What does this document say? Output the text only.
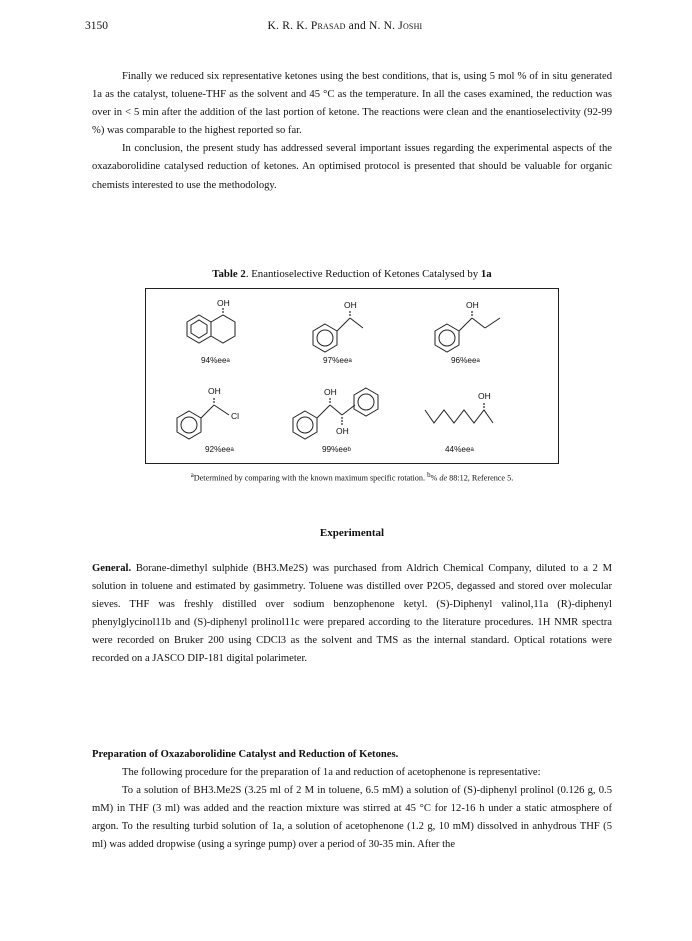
3150	K. R. K. Prasad and N. N. Joshi

Finally we reduced six representative ketones using the best conditions, that is, using 5 mol % of in situ generated 1a as the catalyst, toluene-THF as the solvent and 45 °C as the temperature. In all the cases examined, the reduction was over in < 5 min after the addition of the last portion of ketone. The reactions were clean and the enantioselectivity (92-99 %) was comparable to the highest reported so far.

In conclusion, the present study has addressed several important issues regarding the experimental aspects of the oxazaborolidine catalysed reduction of ketones. An optimised protocol is presented that should be valuable for organic chemists interested to use the methodology.

Table 2. Enantioselective Reduction of Ketones Catalysed by 1a
OH	OH	OH
OH
Cl
OH
OH
OH
94%eea	97%eea	96%eea
92%eea	99%eeb	44%eea
$^a$Determined by comparing with the known maximum specific rotation. $^b$% de 88:12, Reference 5.
Experimental

General. Borane-dimethyl sulphide (BH3.Me2S) was purchased from Aldrich Chemical Company, diluted to a 2 M solution in toluene and estimated by gasimmetry. Toluene was distilled over P2O5, degassed and stored over molecular sieves. THF was freshly distilled over sodium benzophenone ketyl. (S)-Diphenyl valinol,11a (R)-diphenyl phenylglycinol11b and (S)-diphenyl prolinol11c were prepared according to the literature procedures. 1H NMR spectra were recorded on Bruker 200 using CDCl3 as the solvent and TMS as the internal standard. Optical rotations were recorded on a JASCO DIP-181 digital polarimeter.

Preparation of Oxazaborolidine Catalyst and Reduction of Ketones.

The following procedure for the preparation of 1a and reduction of acetophenone is representative:

To a solution of BH3.Me2S (3.25 ml of 2 M in toluene, 6.5 mM) a solution of (S)-diphenyl prolinol (0.126 g, 0.5 mM) in THF (3 ml) was added and the reaction mixture was stirred at 45 °C for 12-16 h under a static atmosphere of argon. To the resulting turbid solution of 1a, a solution of acetophenone (1.2 g, 10 mM) dissolved in anhydrous THF (5 ml) was added dropwise (using a syringe pump) over a period of 30-35 min. After the
